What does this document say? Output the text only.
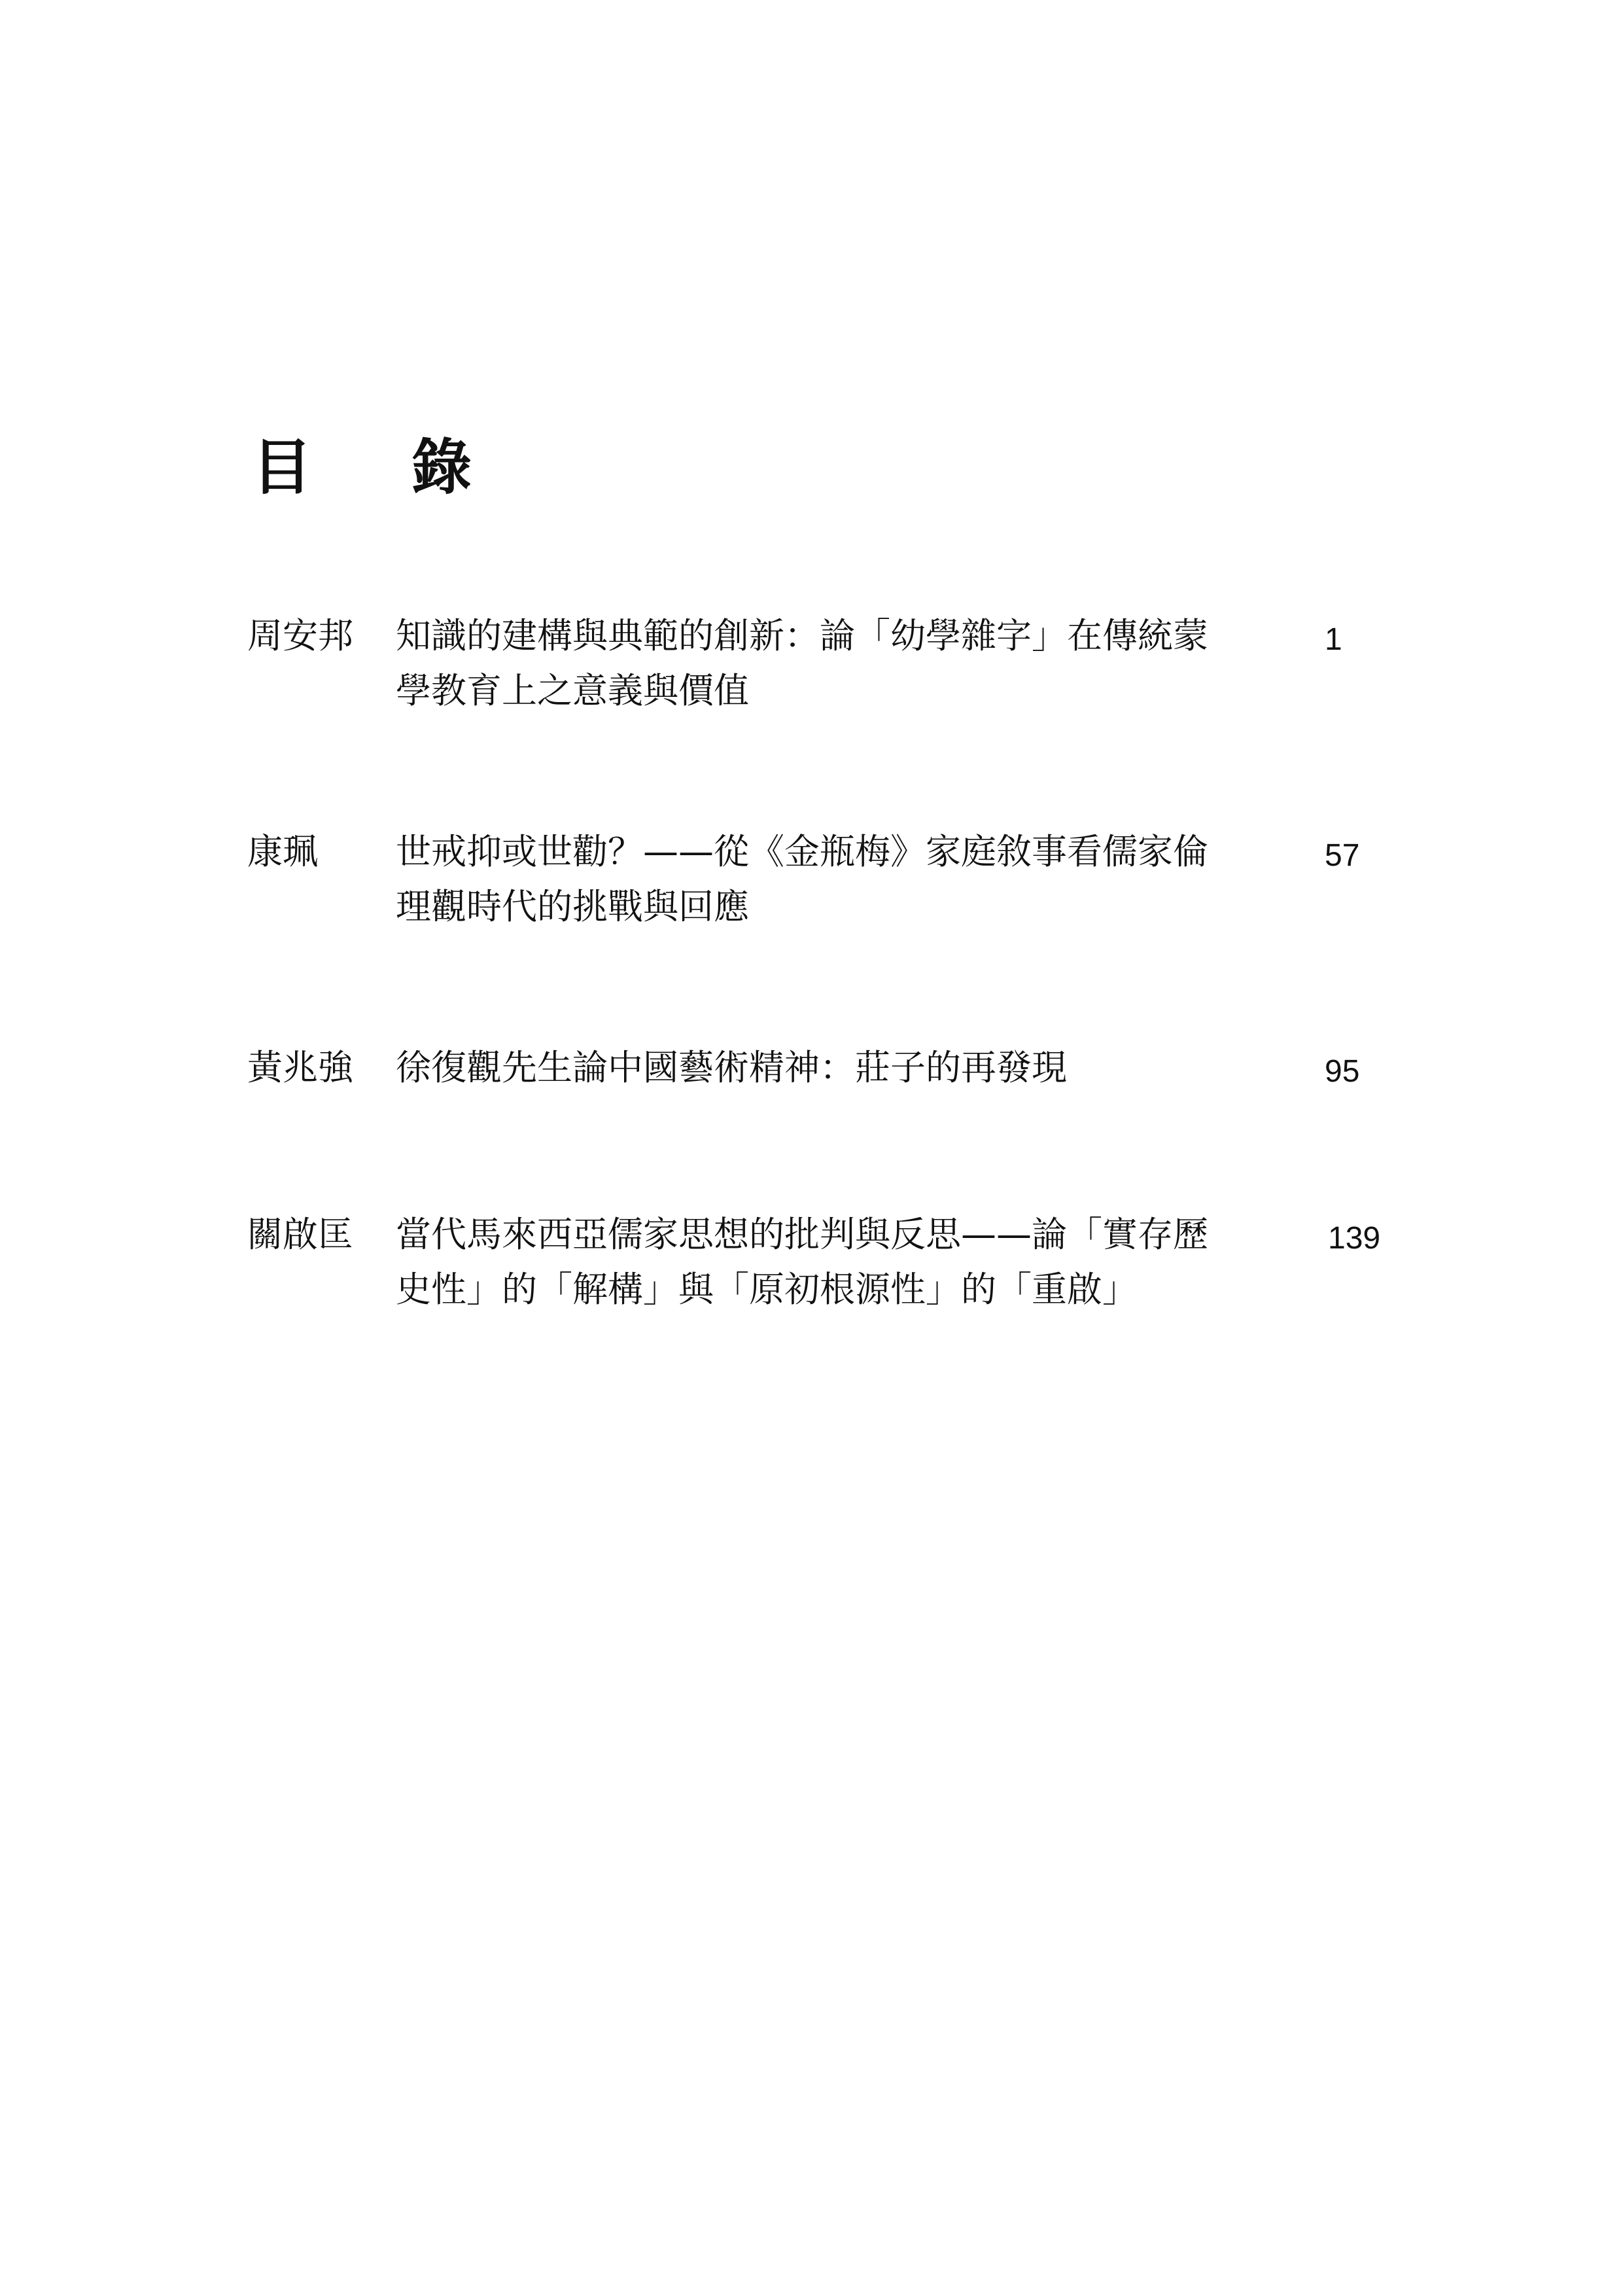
目 錄
周安邦 知識的建構與典範的創新：論「幼學雜字」在傳統蒙
學教育上之意義與價值
1
康珮 世戒抑或世勸？——從《金瓶梅》家庭敘事看儒家倫
理觀時代的挑戰與回應
57
黃兆強 徐復觀先生論中國藝術精神：莊子的再發現	95
關啟匡 當代馬來西亞儒家思想的批判與反思——論「實存歷
史性」的「解構」與「原初根源性」的「重啟」
139
